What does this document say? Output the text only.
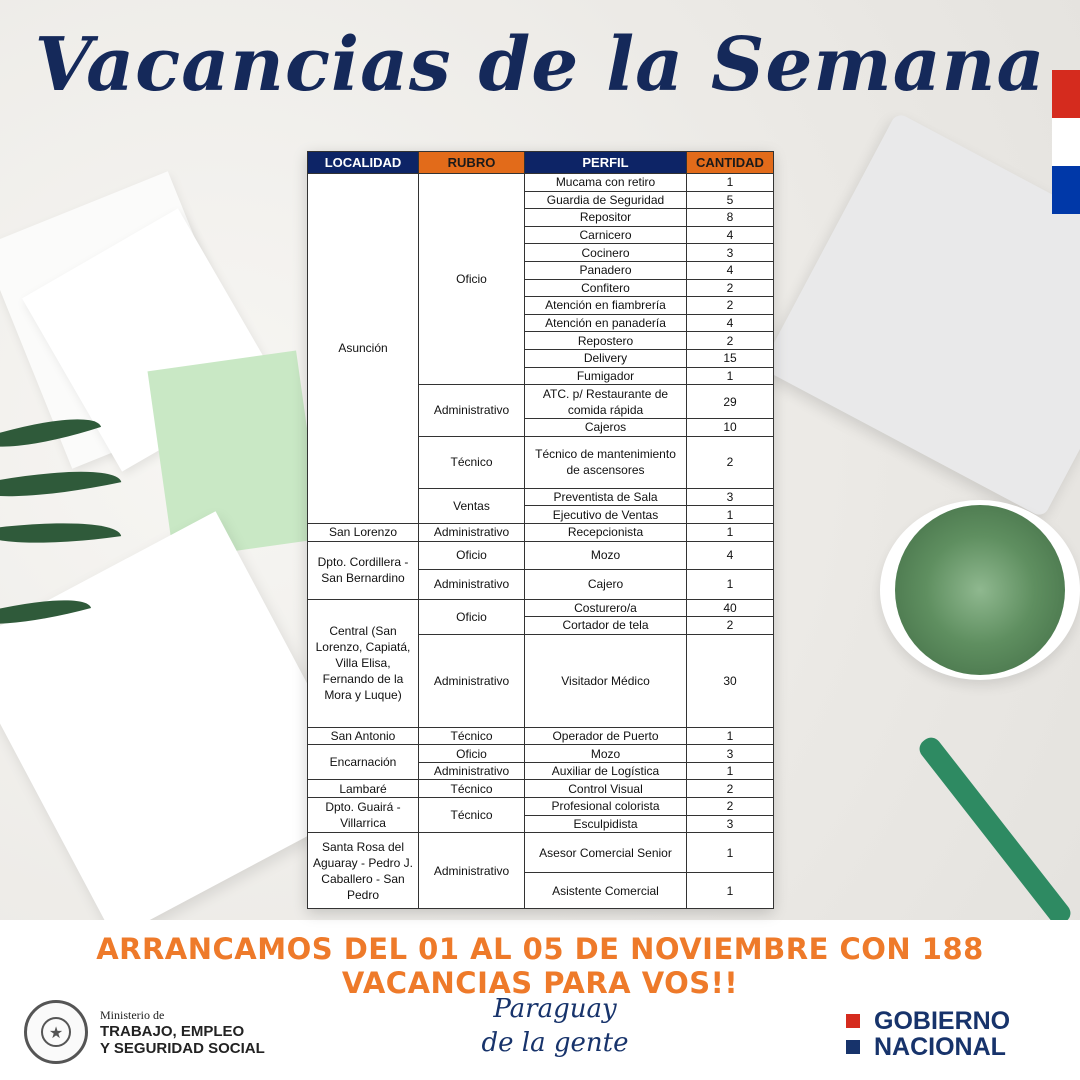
Vacancias de la Semana
LOCALIDAD	RUBRO	PERFIL	CANTIDAD
Asunción	Oficio	Mucama con retiro	1
		Guardia de Seguridad	5
		Repositor	8
		Carnicero	4
		Cocinero	3
		Panadero	4
		Confitero	2
		Atención en fiambrería	2
		Atención en panadería	4
		Repostero	2
		Delivery	15
		Fumigador	1
	Administrativo	ATC. p/ Restaurante de comida rápida	29
		Cajeros	10
	Técnico	Técnico de mantenimiento de ascensores	2
	Ventas	Preventista de Sala	3
		Ejecutivo de Ventas	1
San Lorenzo	Administrativo	Recepcionista	1
Dpto. Cordillera - San Bernardino	Oficio	Mozo	4
	Administrativo	Cajero	1
Central (San Lorenzo, Capiatá, Villa Elisa, Fernando de la Mora y Luque)	Oficio	Costurero/a	40
		Cortador de tela	2
	Administrativo	Visitador Médico	30
San Antonio	Técnico	Operador de Puerto	1
Encarnación	Oficio	Mozo	3
	Administrativo	Auxiliar de Logística	1
Lambaré	Técnico	Control Visual	2
Dpto. Guairá - Villarrica	Técnico	Profesional colorista	2
		Esculpidista	3
Santa Rosa del Aguaray - Pedro J. Caballero - San Pedro	Administrativo	Asesor Comercial Senior	1
		Asistente Comercial	1
ARRANCAMOS DEL 01 AL 05 DE NOVIEMBRE CON 188 VACANCIAS PARA VOS!!
★
Ministerio de
TRABAJO, EMPLEO
Y SEGURIDAD SOCIAL
Paraguay
de la gente
GOBIERNO
NACIONAL
